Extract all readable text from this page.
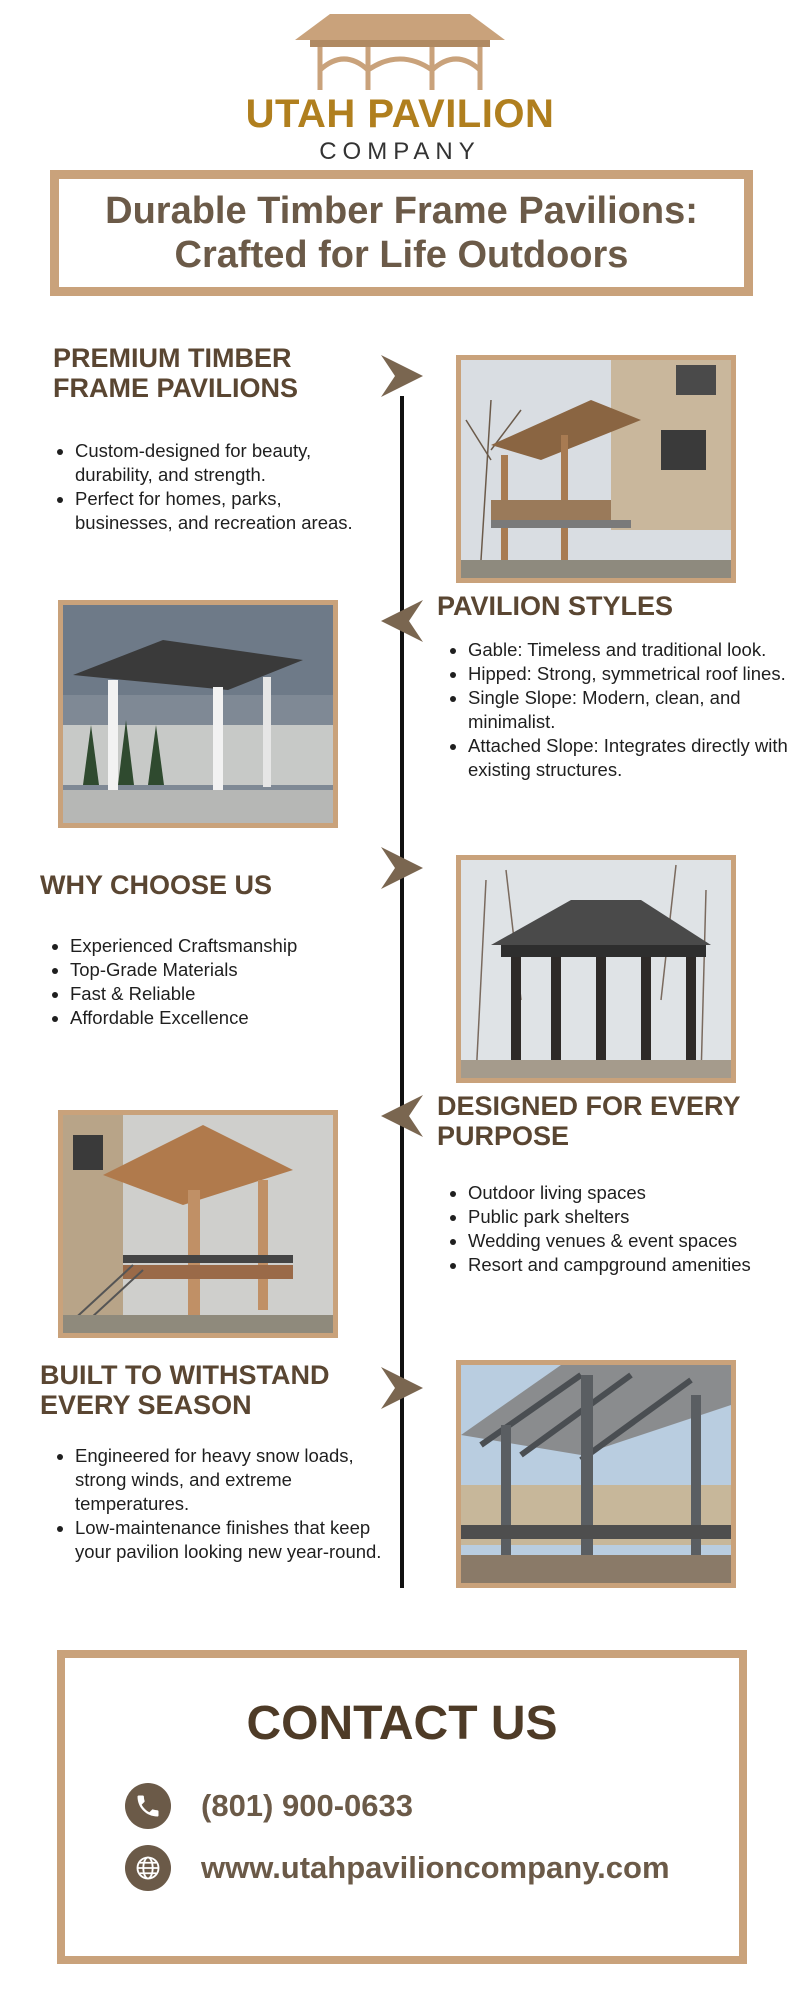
UTAH PAVILION
COMPANY
Durable Timber Frame Pavilions:
Crafted for Life Outdoors
PREMIUM TIMBER FRAME PAVILIONS
• Custom-designed for beauty, durability, and strength.
• Perfect for homes, parks, businesses, and recreation areas.
PAVILION STYLES
• Gable: Timeless and traditional look.
• Hipped: Strong, symmetrical roof lines.
• Single Slope: Modern, clean, and minimalist.
• Attached Slope: Integrates directly with existing structures.
WHY CHOOSE US
• Experienced Craftsmanship
• Top-Grade Materials
• Fast & Reliable
• Affordable Excellence
DESIGNED FOR EVERY PURPOSE
• Outdoor living spaces
• Public park shelters
• Wedding venues & event spaces
• Resort and campground amenities
BUILT TO WITHSTAND EVERY SEASON
• Engineered for heavy snow loads, strong winds, and extreme temperatures.
• Low-maintenance finishes that keep your pavilion looking new year-round.
CONTACT US
(801) 900-0633
www.utahpavilioncompany.com
